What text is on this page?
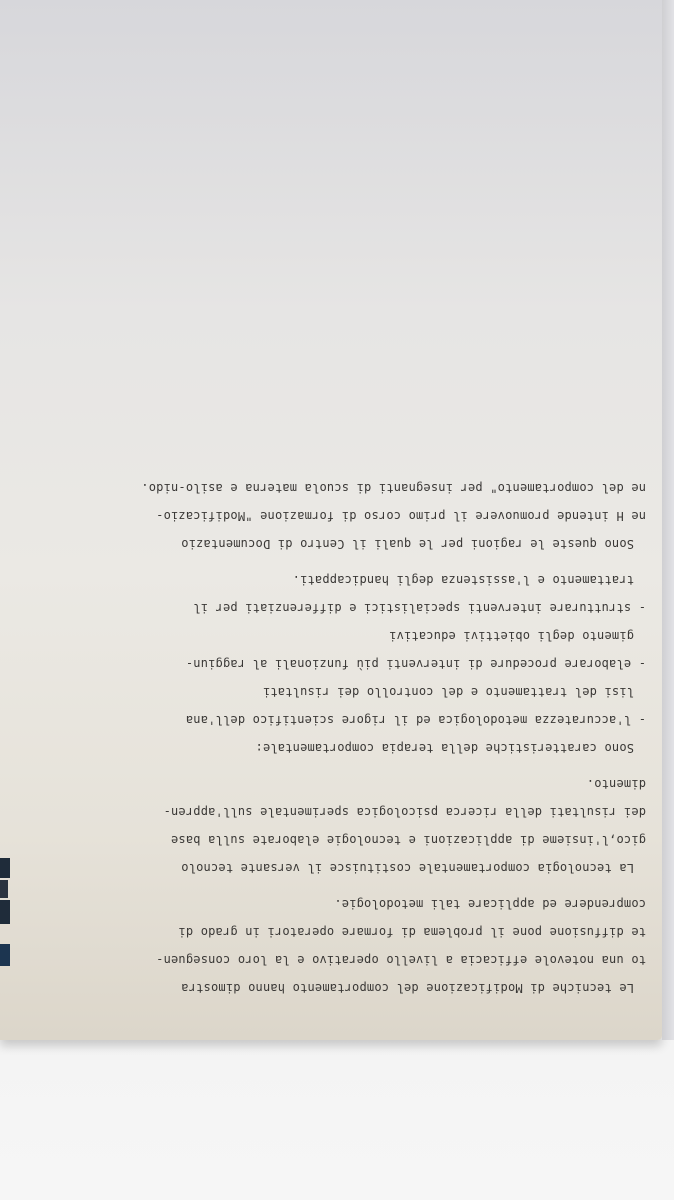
Le tecniche di Modificazione del comportamento hanno dimostra
to una notevole efficacia a livello operativo e la loro conseguen-
te diffusione pone il problema di formare operatori in grado di
comprendere ed applicare tali metodologie.
La tecnologia comportamentale costituisce il versante tecnolo
gico,l'insieme di applicazioni e tecnologie elaborate sulla base
dei risultati della ricerca psicologica sperimentale sull'appren-
dimento.
Sono caratteristiche della terapia comportamentale:
- l'accuratezza metodologica ed il rigore scientifico dell'ana
lisi del trattamento e del controllo dei risultati
- elaborare procedure di interventi più funzionali al raggiun-
gimento degli obiettivi educativi
- strutturare interventi specialistici e differenziati per il
trattamento e l'assistenza degli handicappati.
Sono queste le ragioni per le quali il Centro di Documentazio
ne H intende promuovere il primo corso di formazione "Modificazio-
ne del comportamento" per insegnanti di scuola materna e asilo-nido.
